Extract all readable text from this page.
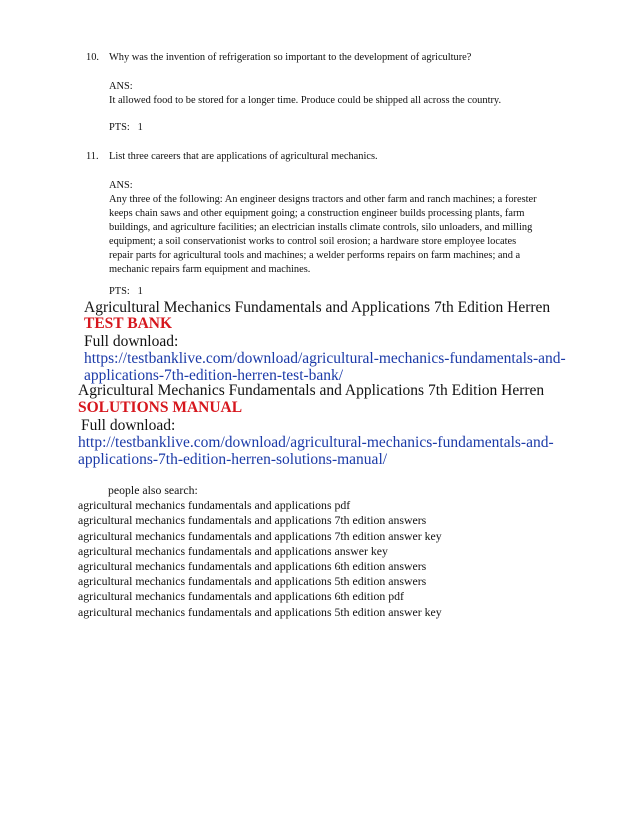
10. Why was the invention of refrigeration so important to the development of agriculture?
ANS:
It allowed food to be stored for a longer time. Produce could be shipped all across the country.
PTS:   1
11. List three careers that are applications of agricultural mechanics.
ANS:
Any three of the following: An engineer designs tractors and other farm and ranch machines; a forester
keeps chain saws and other equipment going; a construction engineer builds processing plants, farm
buildings, and agriculture facilities; an electrician installs climate controls, silo unloaders, and milling
equipment; a soil conservationist works to control soil erosion; a hardware store employee locates
repair parts for agricultural tools and machines; a welder performs repairs on farm machines; and a
mechanic repairs farm equipment and machines.
PTS:   1
Agricultural Mechanics Fundamentals and Applications 7th Edition Herren
TEST BANK
Full download:
https://testbanklive.com/download/agricultural-mechanics-fundamentals-and-
applications-7th-edition-herren-test-bank/
Agricultural Mechanics Fundamentals and Applications 7th Edition Herren
SOLUTIONS MANUAL
Full download:
http://testbanklive.com/download/agricultural-mechanics-fundamentals-and-
applications-7th-edition-herren-solutions-manual/
people also search:
agricultural mechanics fundamentals and applications pdf
agricultural mechanics fundamentals and applications 7th edition answers
agricultural mechanics fundamentals and applications 7th edition answer key
agricultural mechanics fundamentals and applications answer key
agricultural mechanics fundamentals and applications 6th edition answers
agricultural mechanics fundamentals and applications 5th edition answers
agricultural mechanics fundamentals and applications 6th edition pdf
agricultural mechanics fundamentals and applications 5th edition answer key
